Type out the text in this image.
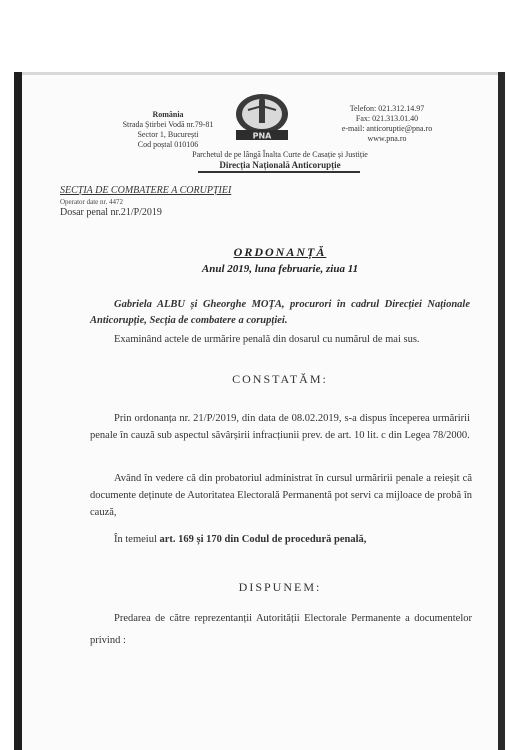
România
Strada Știrbei Vodă nr.79-81
Sector 1, București
Cod poștal 010106
PNA
Telefon: 021.312.14.97
Fax: 021.313.01.40
e-mail: anticoruptie@pna.ro
www.pna.ro
Parchetul de pe lângă Înalta Curte de Casație și Justiție
Direcția Națională Anticorupție
SECȚIA DE COMBATERE A CORUPȚIEI
Operator date nr. 4472
Dosar penal nr.21/P/2019
ORDONANȚĂ
Anul 2019, luna februarie, ziua 11
Gabriela ALBU și Gheorghe MOȚA, procurori în cadrul Direcției Naționale Anticorupție, Secția de combatere a corupției.
Examinând actele de urmărire penală din dosarul cu numărul de mai sus.
CONSTATĂM:
Prin ordonanța nr. 21/P/2019, din data de 08.02.2019, s-a dispus începerea urmăririi penale în cauză sub aspectul săvârșirii infracțiunii prev. de art. 10 lit. c din Legea 78/2000.
Având în vedere că din probatoriul administrat în cursul urmăririi penale a reieșit că documente deținute de Autoritatea Electorală Permanentă pot servi ca mijloace de probă în cauză,
În temeiul art. 169 și 170 din Codul de procedură penală,
DISPUNEM:
Predarea de către reprezentanții Autorității Electorale Permanente a documentelor privind :
